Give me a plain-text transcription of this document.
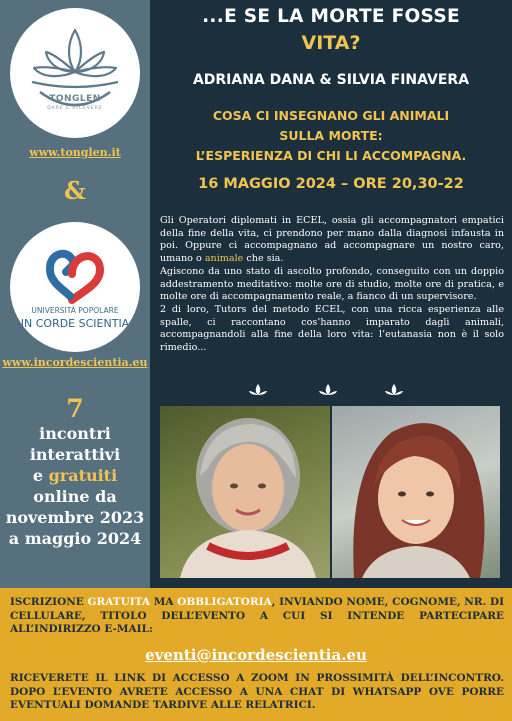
TONGLEN
DARE E RICEVERE
www.tonglen.it
&
UNIVERSITÀ POPOLARE
IN CORDE SCIENTIA
www.incordescientia.eu
7
incontri
interattivi
e gratuiti
online da
novembre 2023
a maggio 2024
...E SE LA MORTE FOSSE
VITA?
ADRIANA DANA & SILVIA FINAVERA
COSA CI INSEGNANO GLI ANIMALI
SULLA MORTE:
L’ESPERIENZA DI CHI LI ACCOMPAGNA.
16 MAGGIO 2024 – ORE 20,30-22

Gli Operatori diplomati in ECEL, ossia gli accompagnatori empatici della fine della vita, ci prendono per mano dalla diagnosi infausta in poi. Oppure ci accompagnano ad accompagnare un nostro caro, umano o animale che sia.

Agiscono da uno stato di ascolto profondo, conseguito con un doppio addestramento meditativo: molte ore di studio, molte ore di pratica, e molte ore di accompagnamento reale, a fianco di un supervisore.

2 di loro, Tutors del metodo ECEL, con una ricca esperienza alle spalle, ci raccontano cos’hanno imparato dagli animali, accompagnandoli alla fine della loro vita: l’eutanasia non è il solo rimedio...

ISCRIZIONE GRATUITA MA OBBLIGATORIA, INVIANDO NOME, COGNOME, NR. DI CELLULARE, TITOLO DELL’EVENTO A CUI SI INTENDE PARTECIPARE ALL’INDIRIZZO E-MAIL:
eventi@incordescientia.eu
RICEVERETE IL LINK DI ACCESSO A ZOOM IN PROSSIMITÀ DELL’INCONTRO. DOPO L’EVENTO AVRETE ACCESSO A UNA CHAT DI WHATSAPP OVE PORRE EVENTUALI DOMANDE TARDIVE ALLE RELATRICI.
